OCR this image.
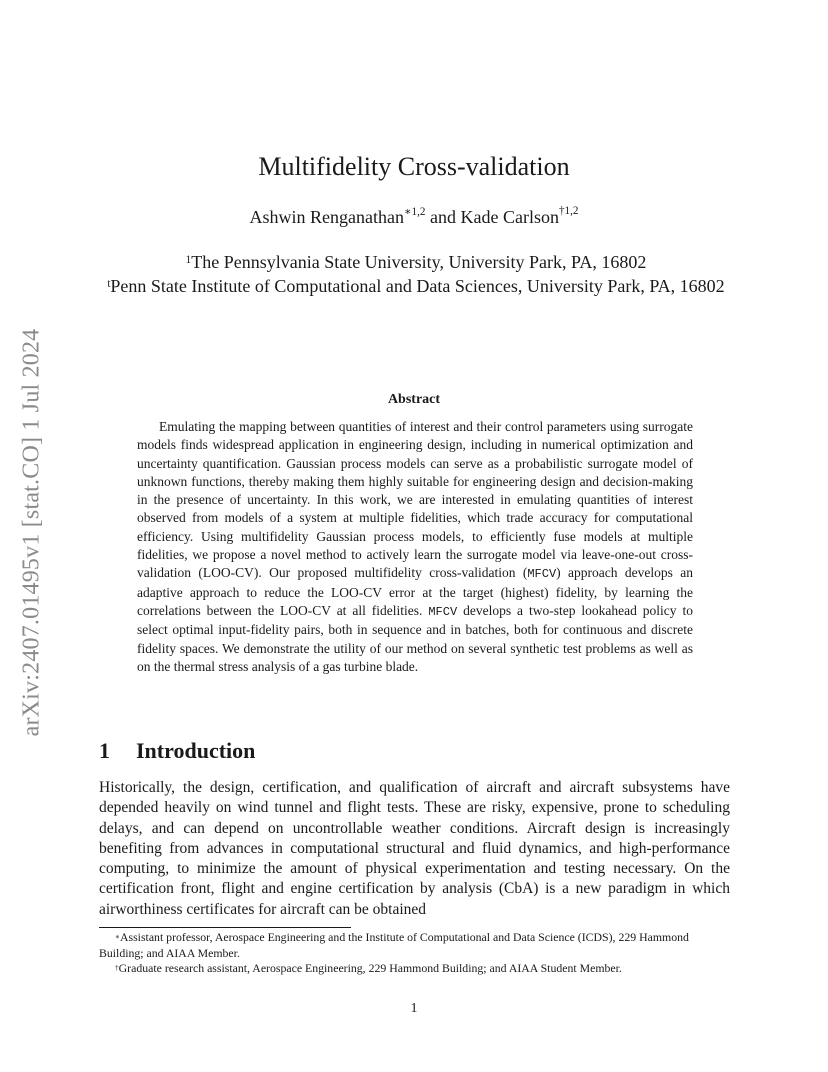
arXiv:2407.01495v1 [stat.CO] 1 Jul 2024
Multifidelity Cross-validation
Ashwin Renganathan$^{∗1,2}$ and Kade Carlson$^{\dagger 1,2}$
$^1$The Pennsylvania State University, University Park, PA, 16802
$^t$Penn State Institute of Computational and Data Sciences, University Park, PA, 16802
Abstract

Emulating the mapping between quantities of interest and their control parameters using surrogate models finds widespread application in engineering design, including in numerical optimization and uncertainty quantification. Gaussian process models can serve as a probabilistic surrogate model of unknown functions, thereby making them highly suitable for engineering design and decision-making in the presence of uncertainty. In this work, we are interested in emulating quantities of interest observed from models of a system at multiple fidelities, which trade accuracy for computational efficiency. Using multifidelity Gaussian process models, to efficiently fuse models at multiple fidelities, we propose a novel method to actively learn the surrogate model via leave-one-out cross-validation (LOO-CV). Our proposed multifidelity cross-validation (MFCV) approach develops an adaptive approach to reduce the LOO-CV error at the target (highest) fidelity, by learning the correlations between the LOO-CV at all fidelities. MFCV develops a two-step lookahead policy to select optimal input-fidelity pairs, both in sequence and in batches, both for continuous and discrete fidelity spaces. We demonstrate the utility of our method on several synthetic test problems as well as on the thermal stress analysis of a gas turbine blade.

1 Introduction

Historically, the design, certification, and qualification of aircraft and aircraft subsystems have depended heavily on wind tunnel and flight tests. These are risky, expensive, prone to scheduling delays, and can depend on uncontrollable weather conditions. Aircraft design is increasingly benefiting from advances in computational structural and fluid dynamics, and high-performance computing, to minimize the amount of physical experimentation and testing necessary. On the certification front, flight and engine certification by analysis (CbA) is a new paradigm in which airworthiness certificates for aircraft can be obtained

∗Assistant professor, Aerospace Engineering and the Institute of Computational and Data Science (ICDS), 229 Hammond Building; and AIAA Member.

†Graduate research assistant, Aerospace Engineering, 229 Hammond Building; and AIAA Student Member.

1
